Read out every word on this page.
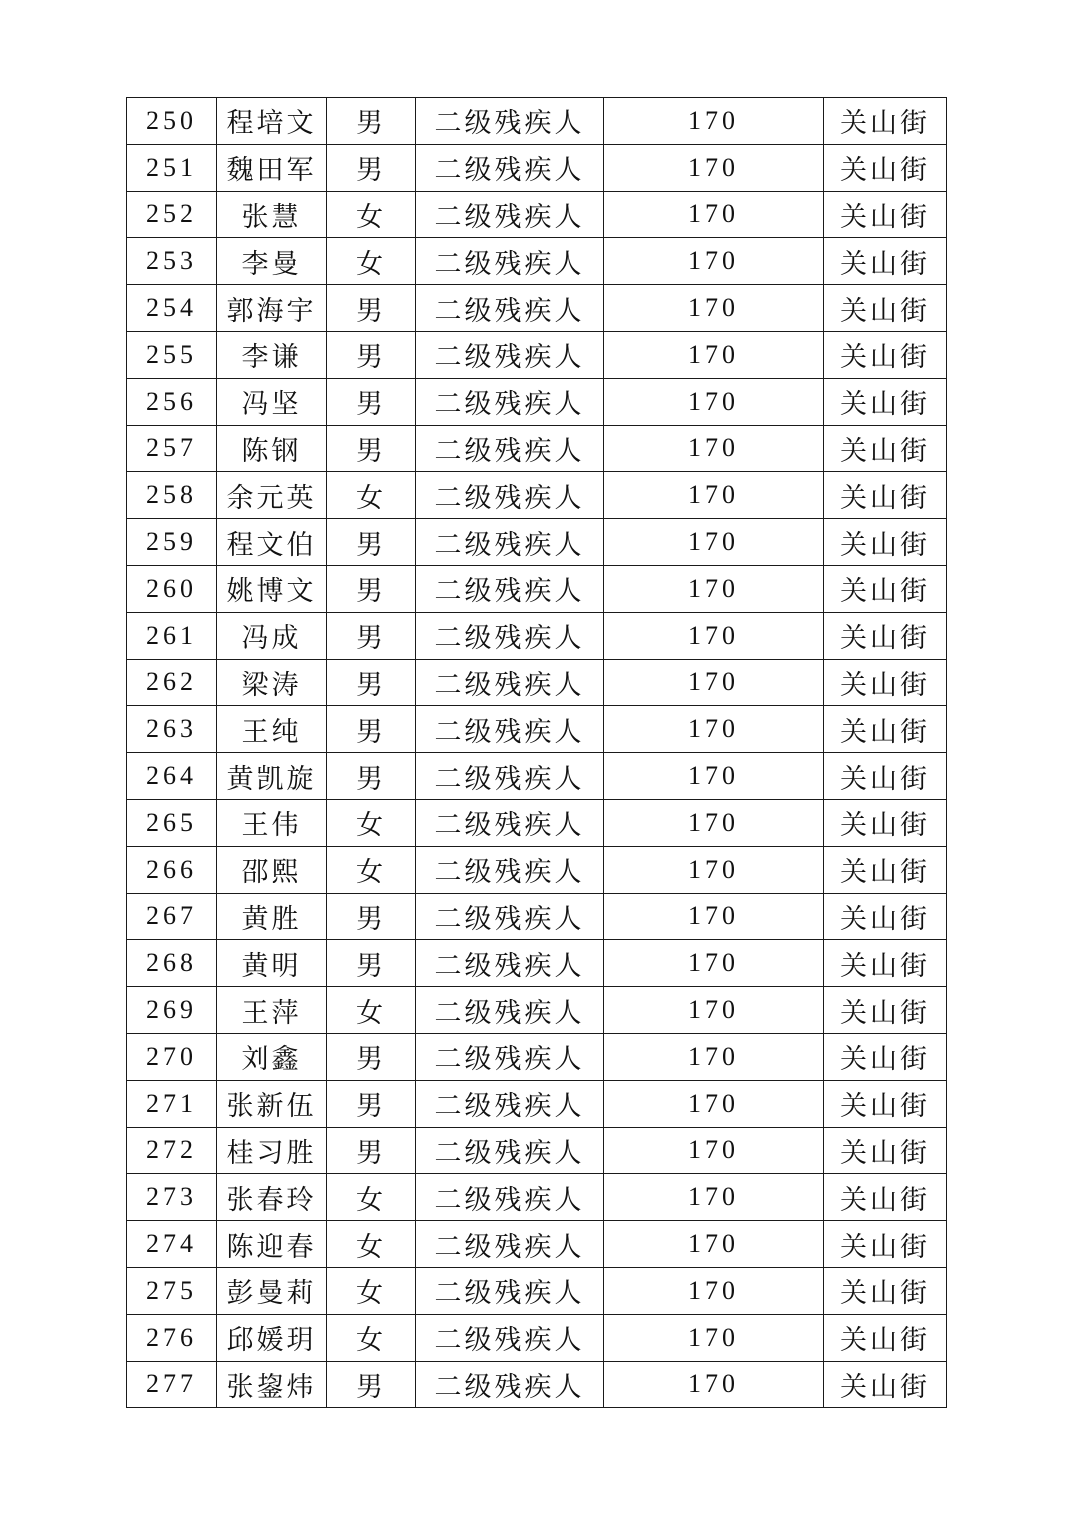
250	程培文	男	二级残疾人	170	关山街
251	魏田军	男	二级残疾人	170	关山街
252	张慧	女	二级残疾人	170	关山街
253	李曼	女	二级残疾人	170	关山街
254	郭海宇	男	二级残疾人	170	关山街
255	李谦	男	二级残疾人	170	关山街
256	冯坚	男	二级残疾人	170	关山街
257	陈钢	男	二级残疾人	170	关山街
258	余元英	女	二级残疾人	170	关山街
259	程文伯	男	二级残疾人	170	关山街
260	姚博文	男	二级残疾人	170	关山街
261	冯成	男	二级残疾人	170	关山街
262	梁涛	男	二级残疾人	170	关山街
263	王纯	男	二级残疾人	170	关山街
264	黄凯旋	男	二级残疾人	170	关山街
265	王伟	女	二级残疾人	170	关山街
266	邵熙	女	二级残疾人	170	关山街
267	黄胜	男	二级残疾人	170	关山街
268	黄明	男	二级残疾人	170	关山街
269	王萍	女	二级残疾人	170	关山街
270	刘鑫	男	二级残疾人	170	关山街
271	张新伍	男	二级残疾人	170	关山街
272	桂习胜	男	二级残疾人	170	关山街
273	张春玲	女	二级残疾人	170	关山街
274	陈迎春	女	二级残疾人	170	关山街
275	彭曼莉	女	二级残疾人	170	关山街
276	邱媛玥	女	二级残疾人	170	关山街
277	张鋆炜	男	二级残疾人	170	关山街
